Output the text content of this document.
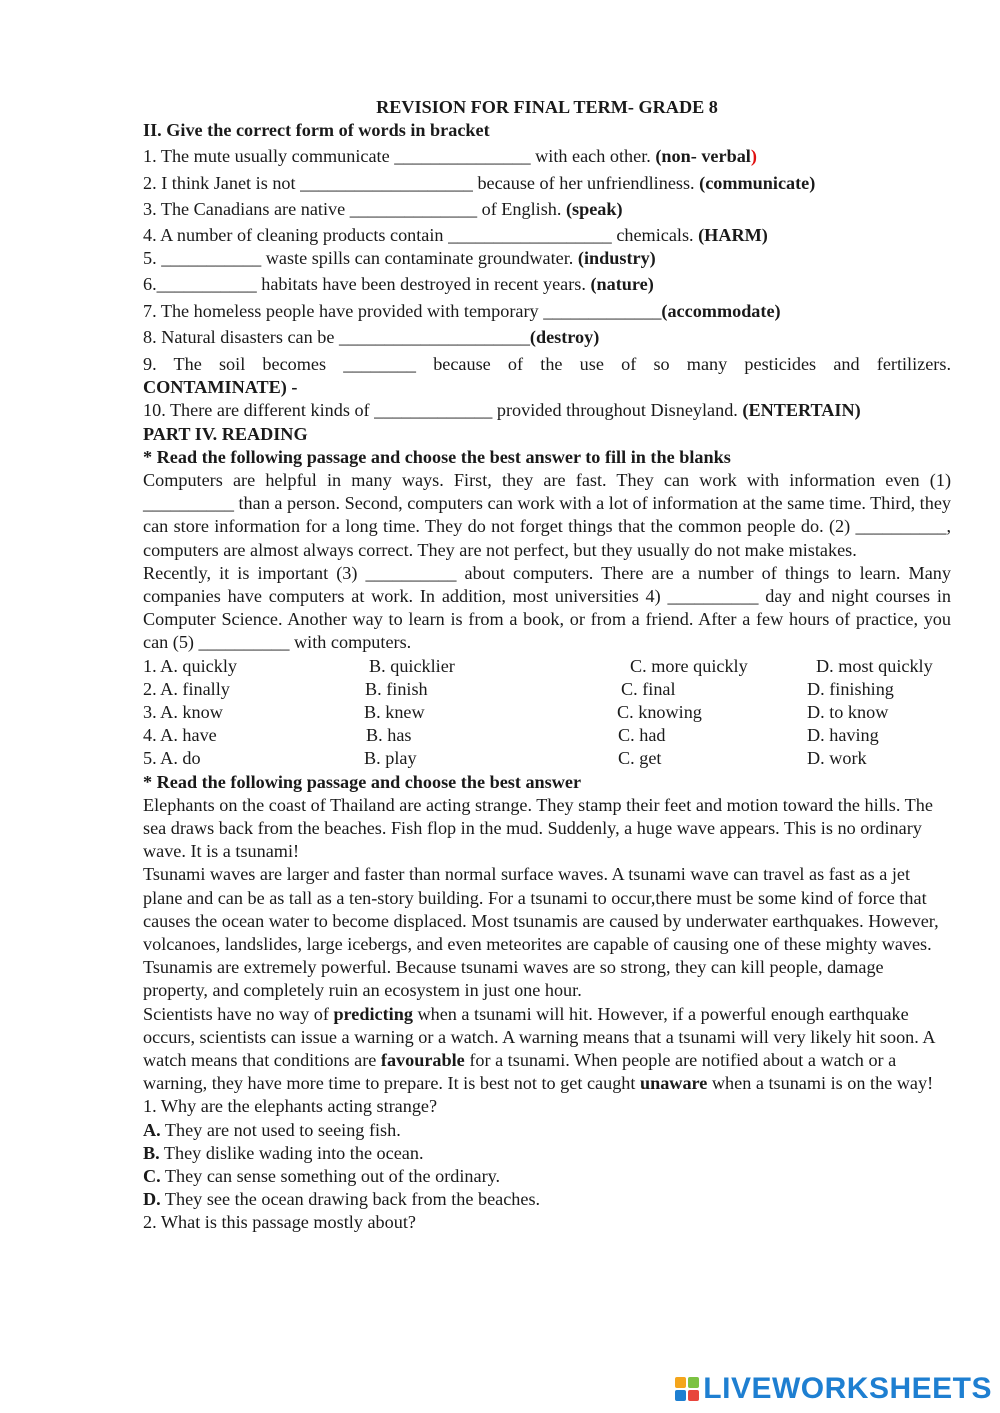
REVISION FOR FINAL TERM- GRADE 8
II. Give the correct form of words in bracket
1. The mute usually communicate _______________ with each other. (non- verbal)
2. I think Janet is not ___________________ because of her unfriendliness. (communicate)
3. The Canadians are native ______________ of English. (speak)
4. A number of cleaning products contain __________________ chemicals. (HARM)
5. ___________ waste spills can contaminate groundwater. (industry)
6.___________ habitats have been destroyed in recent years. (nature)
7. The homeless people have provided with temporary _____________(accommodate)
8. Natural disasters can be _____________________(destroy)
9. The soil becomes ________ because of the use of so many pesticides and fertilizers.
CONTAMINATE) -
10. There are different kinds of _____________ provided throughout Disneyland. (ENTERTAIN)
PART IV. READING
* Read the following passage and choose the best answer to fill in the blanks
Computers are helpful in many ways. First, they are fast. They can work with information even (1) __________ than a person. Second, computers can work with a lot of information at the same time. Third, they can store information for a long time. They do not forget things that the common people do. (2) __________, computers are almost always correct. They are not perfect, but they usually do not make mistakes.
Recently, it is important (3) __________ about computers. There are a number of things to learn. Many companies have computers at work. In addition, most universities 4) __________ day and night courses in Computer Science. Another way to learn is from a book, or from a friend. After a few hours of practice, you can (5) __________ with computers.
1. A. quickly	B. quicklier	C. more quickly	D. most quickly
2. A. finally	B. finish	C. final	D. finishing
3. A. know	B. knew	C. knowing	D. to know
4. A. have	B. has	C. had	D. having
5. A. do	B. play	C. get	D. work
* Read the following passage and choose the best answer
Elephants on the coast of Thailand are acting strange. They stamp their feet and motion toward the hills. The sea draws back from the beaches. Fish flop in the mud. Suddenly, a huge wave appears. This is no ordinary wave. It is a tsunami!
Tsunami waves are larger and faster than normal surface waves. A tsunami wave can travel as fast as a jet plane and can be as tall as a ten-story building. For a tsunami to occur,there must be some kind of force that causes the ocean water to become displaced. Most tsunamis are caused by underwater earthquakes. However, volcanoes, landslides, large icebergs, and even meteorites are capable of causing one of these mighty waves. Tsunamis are extremely powerful. Because tsunami waves are so strong, they can kill people, damage property, and completely ruin an ecosystem in just one hour.
Scientists have no way of predicting when a tsunami will hit. However, if a powerful enough earthquake occurs, scientists can issue a warning or a watch. A warning means that a tsunami will very likely hit soon. A watch means that conditions are favourable for a tsunami. When people are notified about a watch or a warning, they have more time to prepare. It is best not to get caught unaware when a tsunami is on the way!
1. Why are the elephants acting strange?
A. They are not used to seeing fish.
B. They dislike wading into the ocean.
C. They can sense something out of the ordinary.
D. They see the ocean drawing back from the beaches.
2. What is this passage mostly about?
LIVEWORKSHEETS
